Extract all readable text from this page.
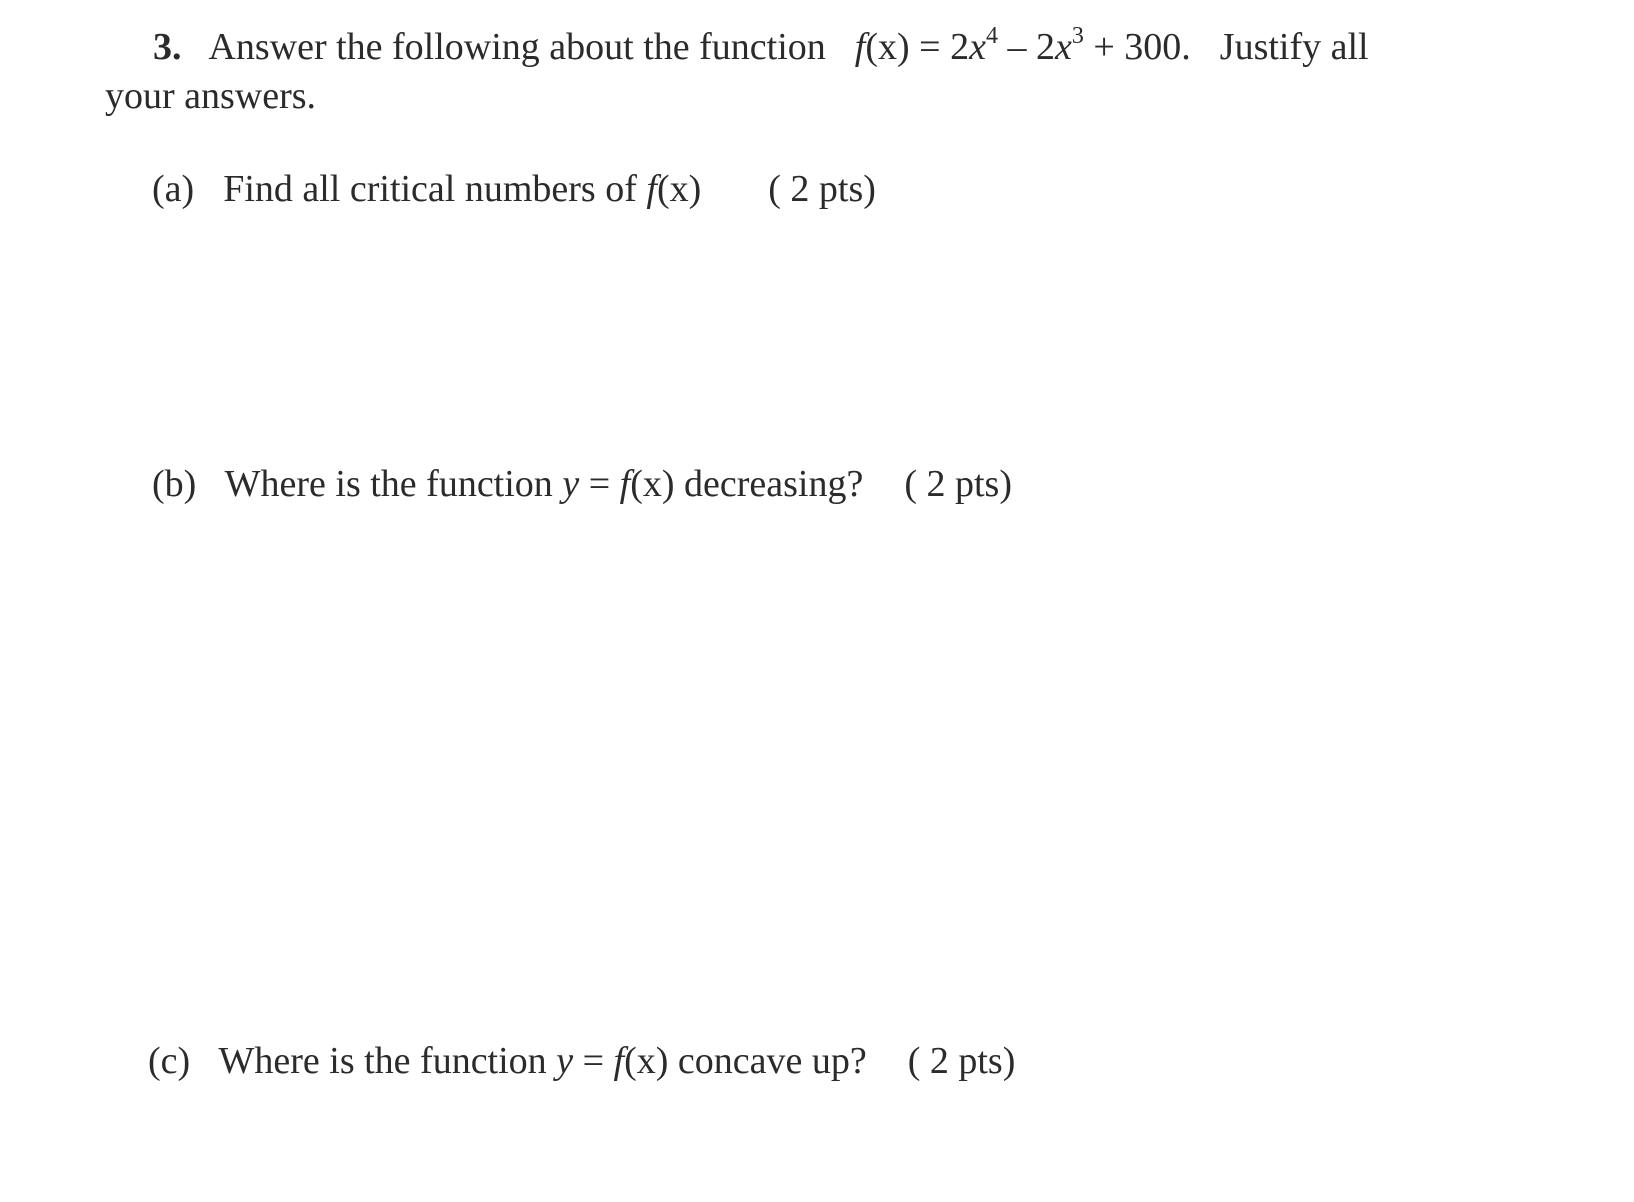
3. Answer the following about the function $f(x) = 2x^4 - 2x^3 + 300$. Justify all
your answers.
(a) Find all critical numbers of f(x) ( 2 pts)
(b) Where is the function y = f(x) decreasing? ( 2 pts)
(c) Where is the function y = f(x) concave up? ( 2 pts)
